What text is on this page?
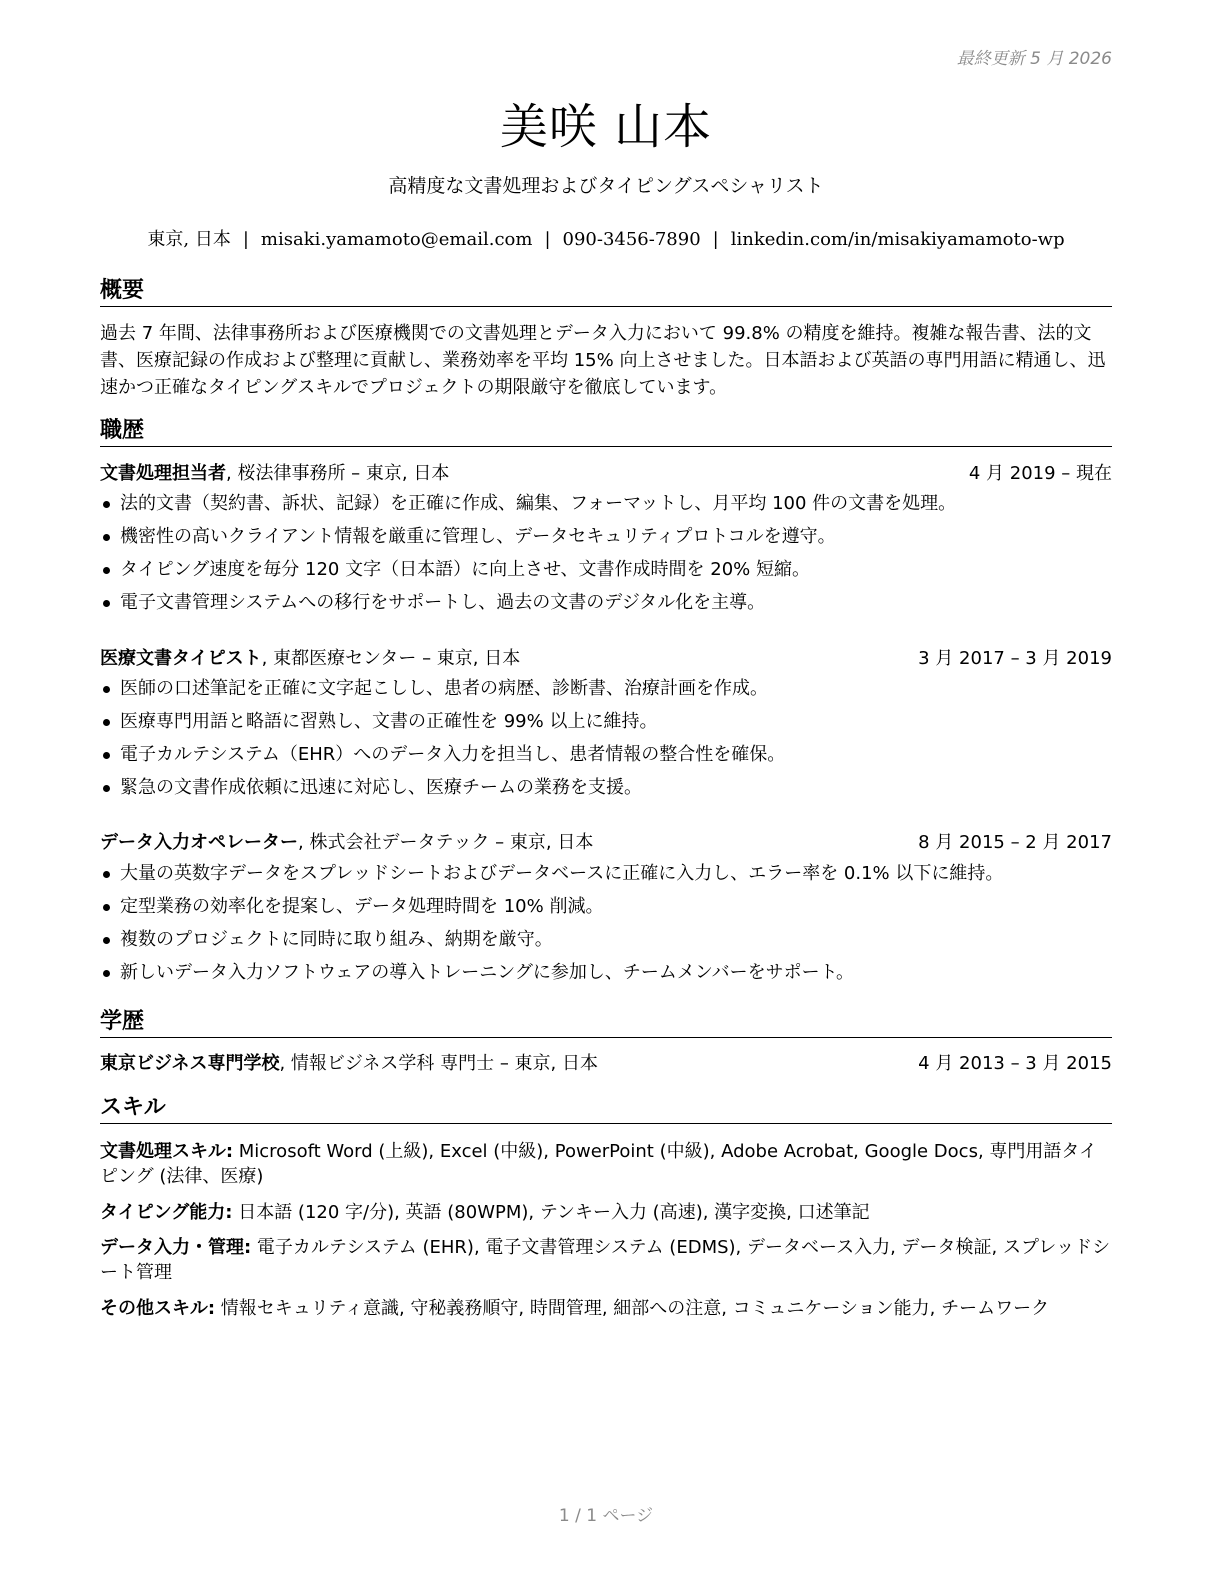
最終更新 5 月 2026
美咲 山本
高精度な文書処理およびタイピングスペシャリスト
東京, 日本 | misaki.yamamoto@email.com | 090-3456-7890 | linkedin.com/in/misakiyamamoto-wp
概要
過去 7 年間、法律事務所および医療機関での文書処理とデータ入力において 99.8% の精度を維持。複雑な報告書、法的文書、医療記録の作成および整理に貢献し、業務効率を平均 15% 向上させました。日本語および英語の専門用語に精通し、迅速かつ正確なタイピングスキルでプロジェクトの期限厳守を徹底しています。
職歴
文書処理担当者, 桜法律事務所 – 東京, 日本	4 月 2019 – 現在
法的文書（契約書、訴状、記録）を正確に作成、編集、フォーマットし、月平均 100 件の文書を処理。
機密性の高いクライアント情報を厳重に管理し、データセキュリティプロトコルを遵守。
タイピング速度を毎分 120 文字（日本語）に向上させ、文書作成時間を 20% 短縮。
電子文書管理システムへの移行をサポートし、過去の文書のデジタル化を主導。
医療文書タイピスト, 東都医療センター – 東京, 日本	3 月 2017 – 3 月 2019
医師の口述筆記を正確に文字起こしし、患者の病歴、診断書、治療計画を作成。
医療専門用語と略語に習熟し、文書の正確性を 99% 以上に維持。
電子カルテシステム（EHR）へのデータ入力を担当し、患者情報の整合性を確保。
緊急の文書作成依頼に迅速に対応し、医療チームの業務を支援。
データ入力オペレーター, 株式会社データテック – 東京, 日本	8 月 2015 – 2 月 2017
大量の英数字データをスプレッドシートおよびデータベースに正確に入力し、エラー率を 0.1% 以下に維持。
定型業務の効率化を提案し、データ処理時間を 10% 削減。
複数のプロジェクトに同時に取り組み、納期を厳守。
新しいデータ入力ソフトウェアの導入トレーニングに参加し、チームメンバーをサポート。
学歴
東京ビジネス専門学校, 情報ビジネス学科 専門士 – 東京, 日本	4 月 2013 – 3 月 2015
スキル
文書処理スキル: Microsoft Word (上級), Excel (中級), PowerPoint (中級), Adobe Acrobat, Google Docs, 専門用語タイピング (法律、医療)
タイピング能力: 日本語 (120 字/分), 英語 (80WPM), テンキー入力 (高速), 漢字変換, 口述筆記
データ入力・管理: 電子カルテシステム (EHR), 電子文書管理システム (EDMS), データベース入力, データ検証, スプレッドシート管理
その他スキル: 情報セキュリティ意識, 守秘義務順守, 時間管理, 細部への注意, コミュニケーション能力, チームワーク
1 / 1 ページ
